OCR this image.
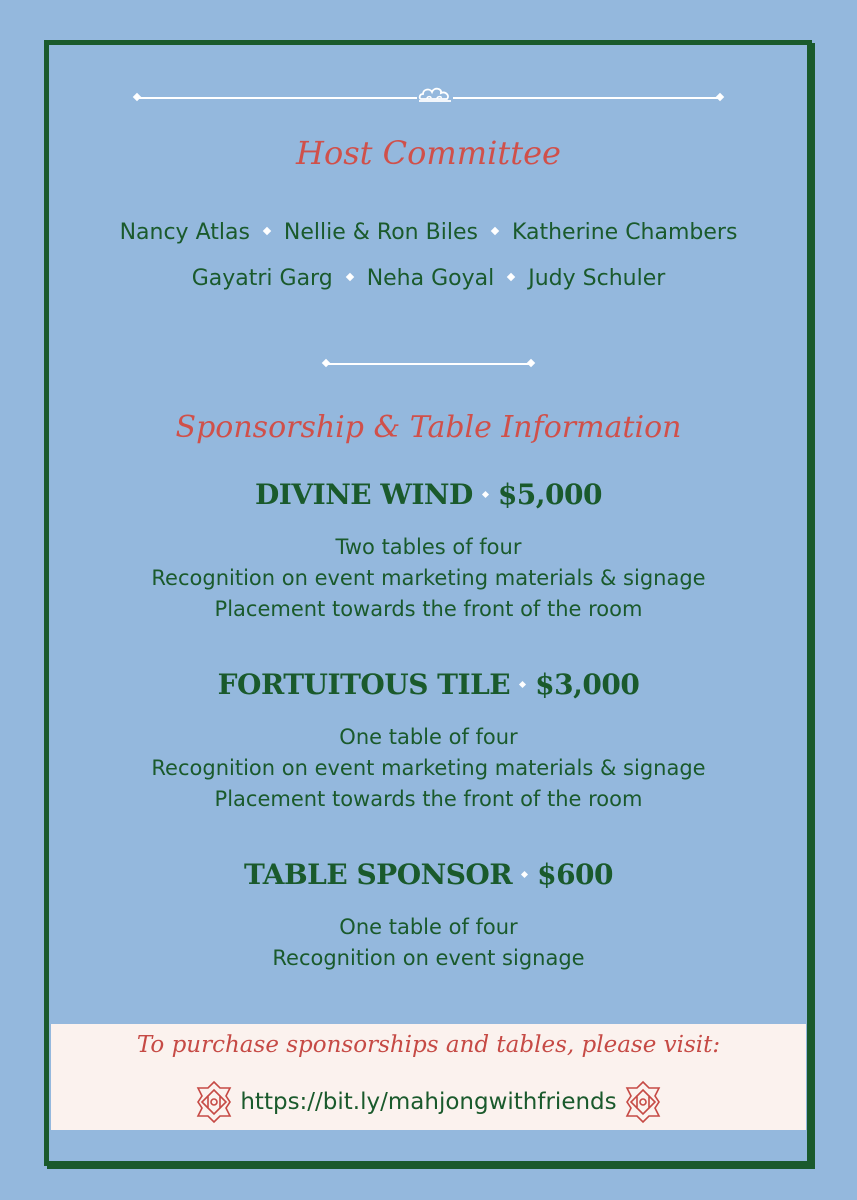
Host Committee
Nancy Atlas Nellie & Ron Biles Katherine Chambers
Gayatri Garg Neha Goyal Judy Schuler
Sponsorship & Table Information
DIVINE WIND $5,000
Two tables of four
Recognition on event marketing materials & signage
Placement towards the front of the room
FORTUITOUS TILE $3,000
One table of four
Recognition on event marketing materials & signage
Placement towards the front of the room
TABLE SPONSOR $600
One table of four
Recognition on event signage
To purchase sponsorships and tables, please visit:
https://bit.ly/mahjongwithfriends
